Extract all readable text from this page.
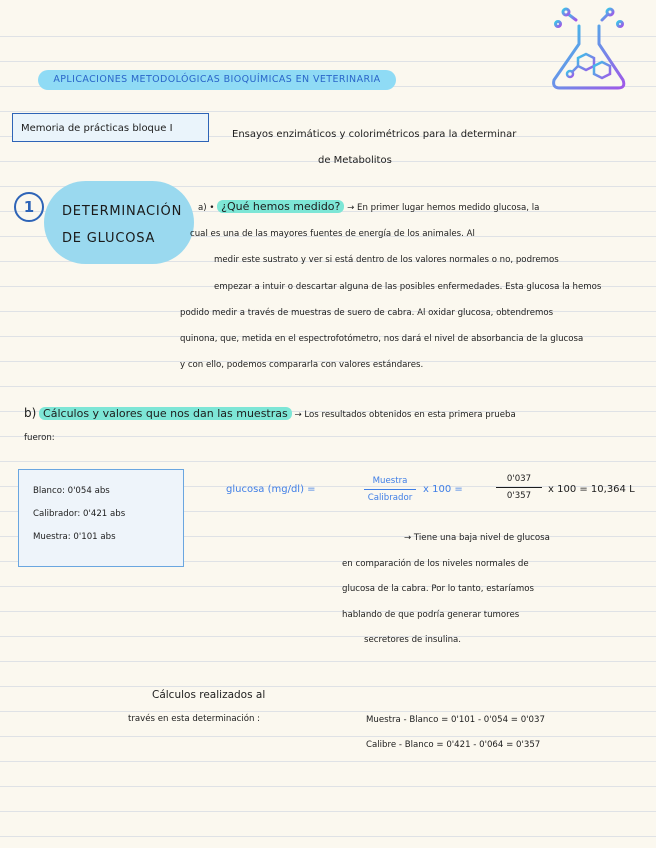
APLICACIONES METODOLÓGICAS BIOQUÍMICAS EN VETERINARIA
Memoria de prácticas bloque I
Ensayos enzimáticos y colorimétricos para la determinar
de Metabolitos
1	DETERMINACIÓN
DE GLUCOSA
a) • ¿Qué hemos medido? → En primer lugar hemos medido glucosa, la
cual es una de las mayores fuentes de energía de los animales. Al
medir este sustrato y ver si está dentro de los valores normales o no, podremos
empezar a intuir o descartar alguna de las posibles enfermedades. Esta glucosa la hemos
podido medir a través de muestras de suero de cabra. Al oxidar glucosa, obtendremos
quinona, que, metida en el espectrofotómetro, nos dará el nivel de absorbancia de la glucosa
y con ello, podemos compararla con valores estándares.
b) Cálculos y valores que nos dan las muestras → Los resultados obtenidos en esta primera prueba
fueron:
Blanco: 0'054 abs
Calibrador: 0'421 abs
Muestra: 0'101 abs
glucosa (mg/dl) =
Muestra
Calibrador
x 100 =
0'037
0'357
x 100 = 10,364 L
→ Tiene una baja nivel de glucosa
en comparación de los niveles normales de
glucosa de la cabra. Por lo tanto, estaríamos
hablando de que podría generar tumores
secretores de insulina.
Cálculos realizados al
través en esta determinación :	Muestra - Blanco = 0'101 - 0'054 = 0'037
Calibre - Blanco = 0'421 - 0'064 = 0'357
